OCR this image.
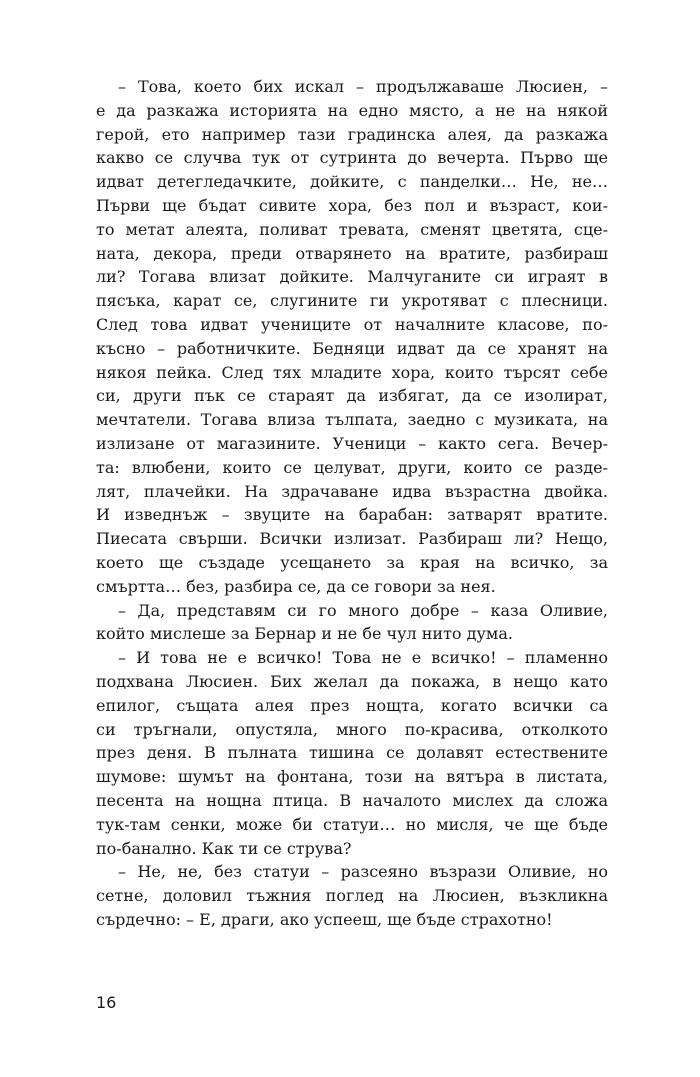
– Това, което бих искал – продължаваше Люсиен, –
е да разкажа историята на едно място, а не на някой
герой, ето например тази градинска алея, да разкажа
какво се случва тук от сутринта до вечерта. Първо ще
идват детегледачките, дойките, с панделки… Не, не…
Първи ще бъдат сивите хора, без пол и възраст, кои-
то метат алеята, поливат тревата, сменят цветята, сце-
ната, декора, преди отварянето на вратите, разбираш
ли? Тогава влизат дойките. Малчуганите си играят в
пясъка, карат се, слугините ги укротяват с плесници.
След това идват учениците от началните класове, по-
късно – работничките. Бедняци идват да се хранят на
някоя пейка. След тях младите хора, които търсят себе
си, други пък се стараят да избягат, да се изолират,
мечтатели. Тогава влиза тълпата, заедно с музиката, на
излизане от магазините. Ученици – както сега. Вечер-
та: влюбени, които се целуват, други, които се разде-
лят, плачейки. На здрачаване идва възрастна двойка.
И изведнъж – звуците на барабан: затварят вратите.
Пиесата свърши. Всички излизат. Разбираш ли? Нещо,
което ще създаде усещането за края на всичко, за
смъртта… без, разбира се, да се говори за нея.
– Да, представям си го много добре – каза Оливие,
който мислеше за Бернар и не бе чул нито дума.
– И това не е всичко! Това не е всичко! – пламенно
подхвана Люсиен. Бих желал да покажа, в нещо като
епилог, същата алея през нощта, когато всички са
си тръгнали, опустяла, много по-красива, отколкото
през деня. В пълната тишина се долавят естествените
шумове: шумът на фонтана, този на вятъра в листата,
песента на нощна птица. В началото мислех да сложа
тук-там сенки, може би статуи… но мисля, че ще бъде
по-банално. Как ти се струва?
– Не, не, без статуи – разсеяно възрази Оливие, но
сетне, доловил тъжния поглед на Люсиен, възкликна
сърдечно: – Е, драги, ако успееш, ще бъде страхотно!
16
